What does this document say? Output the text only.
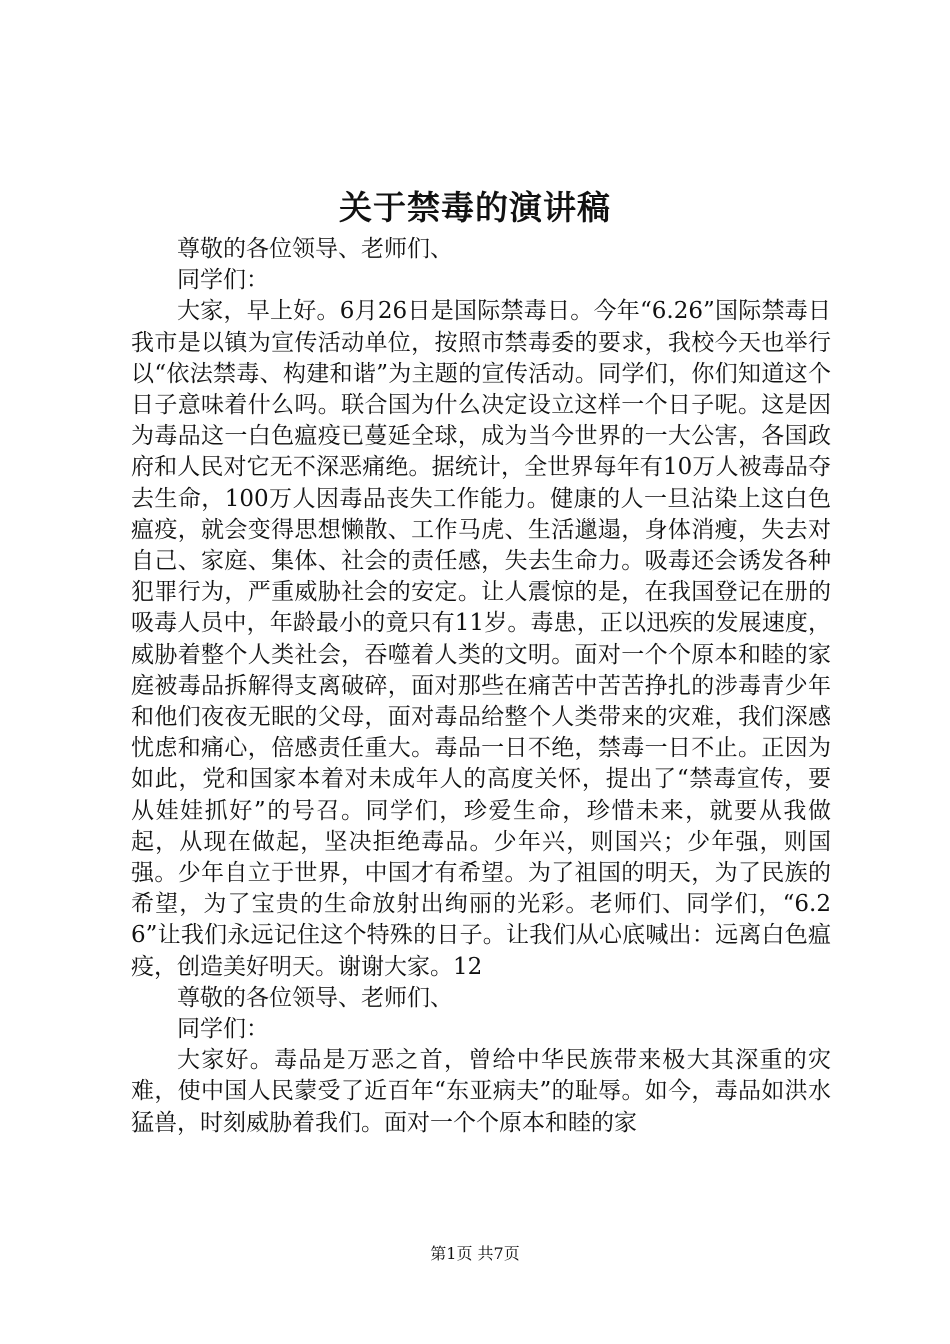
关于禁毒的演讲稿

尊敬的各位领导、老师们、

同学们：

大家，早上好。6月26日是国际禁毒日。今年“6.26”国际禁毒日我市是以镇为宣传活动单位，按照市禁毒委的要求，我校今天也举行以“依法禁毒、构建和谐”为主题的宣传活动。同学们，你们知道这个日子意味着什么吗。联合国为什么决定设立这样一个日子呢。这是因为毒品这一白色瘟疫已蔓延全球，成为当今世界的一大公害，各国政府和人民对它无不深恶痛绝。据统计，全世界每年有10万人被毒品夺去生命，100万人因毒品丧失工作能力。健康的人一旦沾染上这白色瘟疫，就会变得思想懒散、工作马虎、生活邋遢，身体消瘦，失去对自己、家庭、集体、社会的责任感，失去生命力。吸毒还会诱发各种犯罪行为，严重威胁社会的安定。让人震惊的是，在我国登记在册的吸毒人员中，年龄最小的竟只有11岁。毒患，正以迅疾的发展速度，威胁着整个人类社会，吞噬着人类的文明。面对一个个原本和睦的家庭被毒品拆解得支离破碎，面对那些在痛苦中苦苦挣扎的涉毒青少年和他们夜夜无眠的父母，面对毒品给整个人类带来的灾难，我们深感忧虑和痛心，倍感责任重大。毒品一日不绝，禁毒一日不止。正因为如此，党和国家本着对未成年人的高度关怀，提出了“禁毒宣传，要从娃娃抓好”的号召。同学们，珍爱生命，珍惜未来，就要从我做起，从现在做起，坚决拒绝毒品。少年兴，则国兴；少年强，则国强。少年自立于世界，中国才有希望。为了祖国的明天，为了民族的希望，为了宝贵的生命放射出绚丽的光彩。老师们、同学们，“6.26”让我们永远记住这个特殊的日子。让我们从心底喊出：远离白色瘟疫，创造美好明天。谢谢大家。12

尊敬的各位领导、老师们、

同学们：

大家好。毒品是万恶之首，曾给中华民族带来极大其深重的灾难，使中国人民蒙受了近百年“东亚病夫”的耻辱。如今，毒品如洪水猛兽，时刻威胁着我们。面对一个个原本和睦的家

第1页 共7页
